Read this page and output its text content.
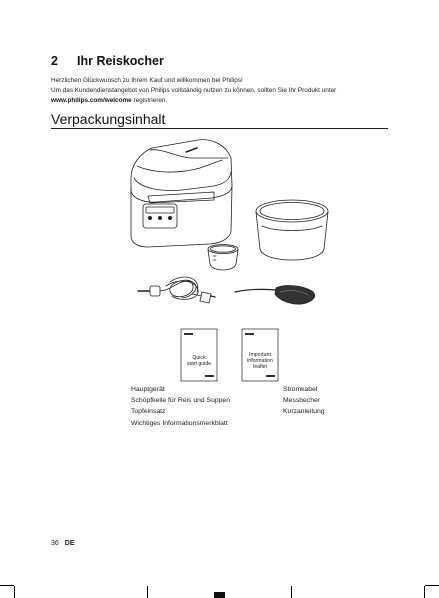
2 Ihr Reiskocher

Herzlichen Glückwunsch zu Ihrem Kauf und willkommen bei Philips!

Um das Kundendienstangebot von Philips vollständig nutzen zu können, sollten Sie Ihr Produkt unter

www.philips.com/welcome registrieren.

Verpackungsinhalt
Quick
start guide
Important
information
leaflet
Hauptgerät
Schöpfkelle für Reis und Suppen
Topfeinsatz
Wichtiges Informationsmerkblatt
Stromkabel
Messbecher
Kurzanleitung
36 DE
